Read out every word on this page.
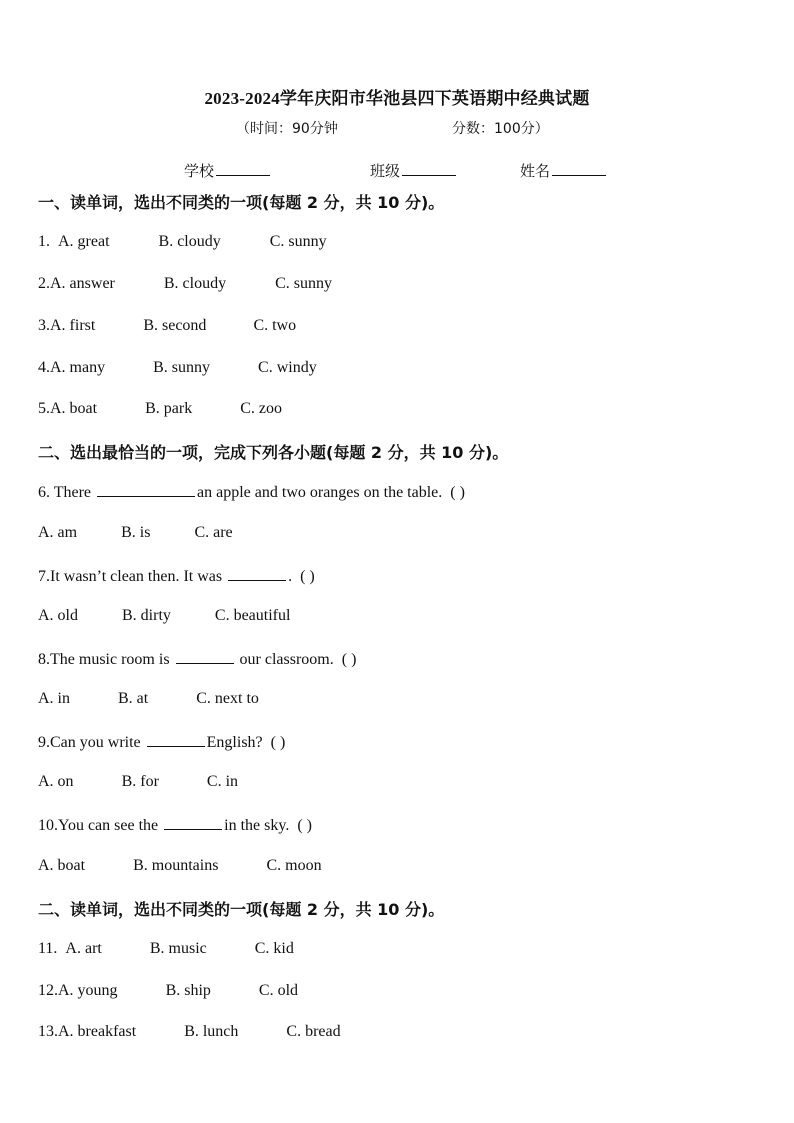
2023-2024学年庆阳市华池县四下英语期中经典试题
（时间：90分钟	分数：100分）
学校	班级	姓名
一、读单词，选出不同类的一项(每题 2 分，共 10 分)。
1. A. great	B. cloudy	C. sunny
2.A. answer	B. cloudy	C. sunny
3.A. first	B. second	C. two
4.A. many	B. sunny	C. windy
5.A. boat	B. park	C. zoo
二、选出最恰当的一项，完成下列各小题(每题 2 分，共 10 分)。
6. There	an apple and two oranges on the table. ( )
A. am	B. is	C. are
7.It wasn’t clean then. It was	. ( )
A. old	B. dirty	C. beautiful
8.The music room is	our classroom. ( )
A. in	B. at	C. next to
9.Can you write	English? ( )
A. on	B. for	C. in
10.You can see the	in the sky. ( )
A. boat	B. mountains	C. moon
二、读单词，选出不同类的一项(每题 2 分，共 10 分)。
11. A. art	B. music	C. kid
12.A. young	B. ship	C. old
13.A. breakfast	B. lunch	C. bread
